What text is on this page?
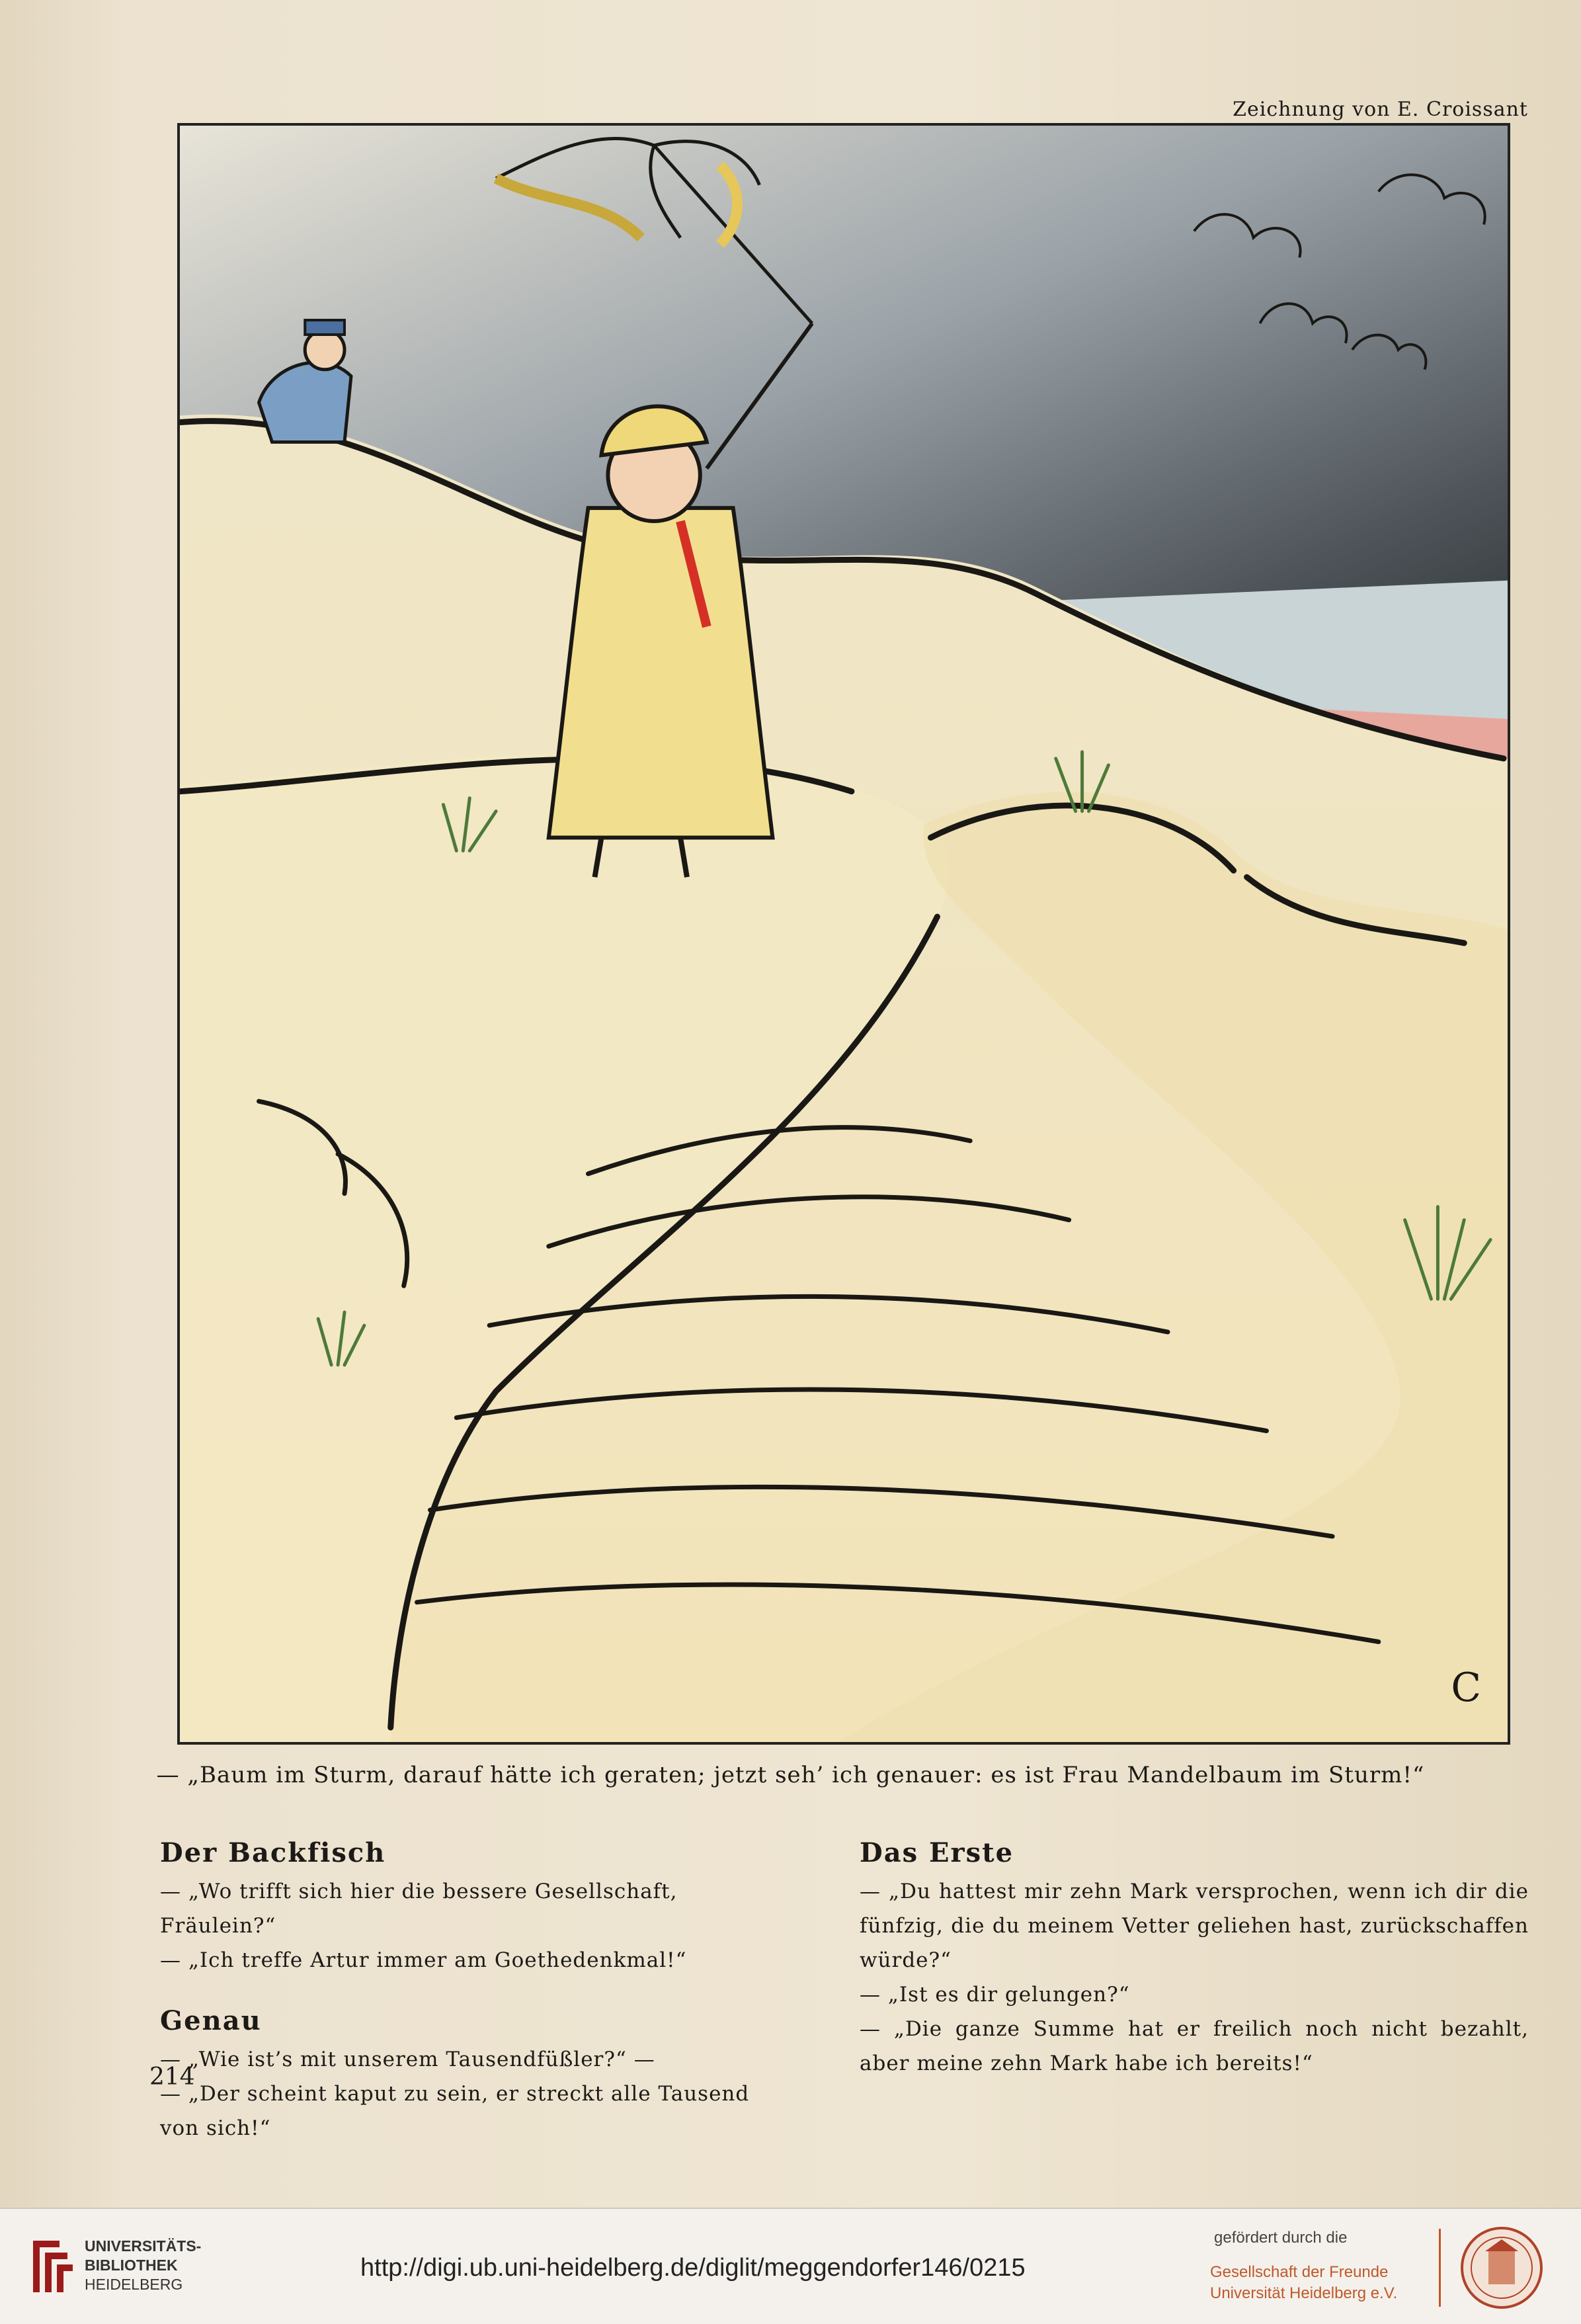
Zeichnung von E. Croissant
C
— „Baum im Sturm, darauf hätte ich geraten; jetzt seh’ ich genauer: es ist Frau Mandelbaum im Sturm!“
Der Backfisch

— „Wo trifft sich hier die bessere Gesellschaft, Fräulein?“

— „Ich treffe Artur immer am Goethedenkmal!“

Genau

— „Wie ist’s mit unserem Tausendfüßler?“ —

— „Der scheint kaput zu sein, er streckt alle Tausend von sich!“

Das Erste

— „Du hattest mir zehn Mark versprochen, wenn ich dir die fünfzig, die du meinem Vetter geliehen hast, zurückschaffen würde?“

— „Ist es dir gelungen?“

— „Die ganze Summe hat er freilich noch nicht bezahlt, aber meine zehn Mark habe ich bereits!“

214
UNIVERSITÄTS-
BIBLIOTHEK
HEIDELBERG
http://digi.ub.uni-heidelberg.de/diglit/meggendorfer146/0215
gefördert durch die
Gesellschaft der Freunde
Universität Heidelberg e.V.
